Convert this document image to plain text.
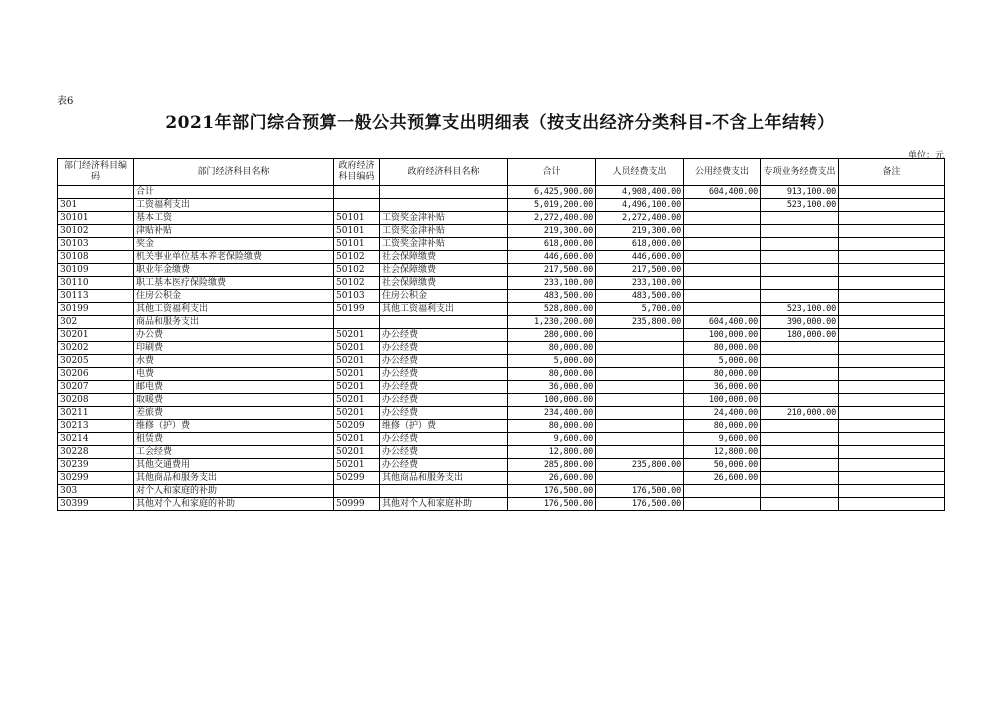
表6
2021年部门综合预算一般公共预算支出明细表（按支出经济分类科目-不含上年结转）
单位：元
部门经济科目编码	部门经济科目名称	政府经济科目编码	政府经济科目名称	合计	人员经费支出	公用经费支出	专项业务经费支出	备注
	合计			6,425,900.00	4,908,400.00	604,400.00	913,100.00	
301	工资福利支出			5,019,200.00	4,496,100.00		523,100.00	
30101	基本工资	50101	工资奖金津补贴	2,272,400.00	2,272,400.00			
30102	津贴补贴	50101	工资奖金津补贴	219,300.00	219,300.00			
30103	奖金	50101	工资奖金津补贴	618,000.00	618,000.00			
30108	机关事业单位基本养老保险缴费	50102	社会保障缴费	446,600.00	446,600.00			
30109	职业年金缴费	50102	社会保障缴费	217,500.00	217,500.00			
30110	职工基本医疗保险缴费	50102	社会保障缴费	233,100.00	233,100.00			
30113	住房公积金	50103	住房公积金	483,500.00	483,500.00			
30199	其他工资福利支出	50199	其他工资福利支出	528,800.00	5,700.00		523,100.00	
302	商品和服务支出			1,230,200.00	235,800.00	604,400.00	390,000.00	
30201	办公费	50201	办公经费	280,000.00		100,000.00	180,000.00	
30202	印刷费	50201	办公经费	80,000.00		80,000.00		
30205	水费	50201	办公经费	5,000.00		5,000.00		
30206	电费	50201	办公经费	80,000.00		80,000.00		
30207	邮电费	50201	办公经费	36,000.00		36,000.00		
30208	取暖费	50201	办公经费	100,000.00		100,000.00		
30211	差旅费	50201	办公经费	234,400.00		24,400.00	210,000.00	
30213	维修（护）费	50209	维修（护）费	80,000.00		80,000.00		
30214	租赁费	50201	办公经费	9,600.00		9,600.00		
30228	工会经费	50201	办公经费	12,800.00		12,800.00		
30239	其他交通费用	50201	办公经费	285,800.00	235,800.00	50,000.00		
30299	其他商品和服务支出	50299	其他商品和服务支出	26,600.00		26,600.00		
303	对个人和家庭的补助			176,500.00	176,500.00			
30399	其他对个人和家庭的补助	50999	其他对个人和家庭补助	176,500.00	176,500.00			
